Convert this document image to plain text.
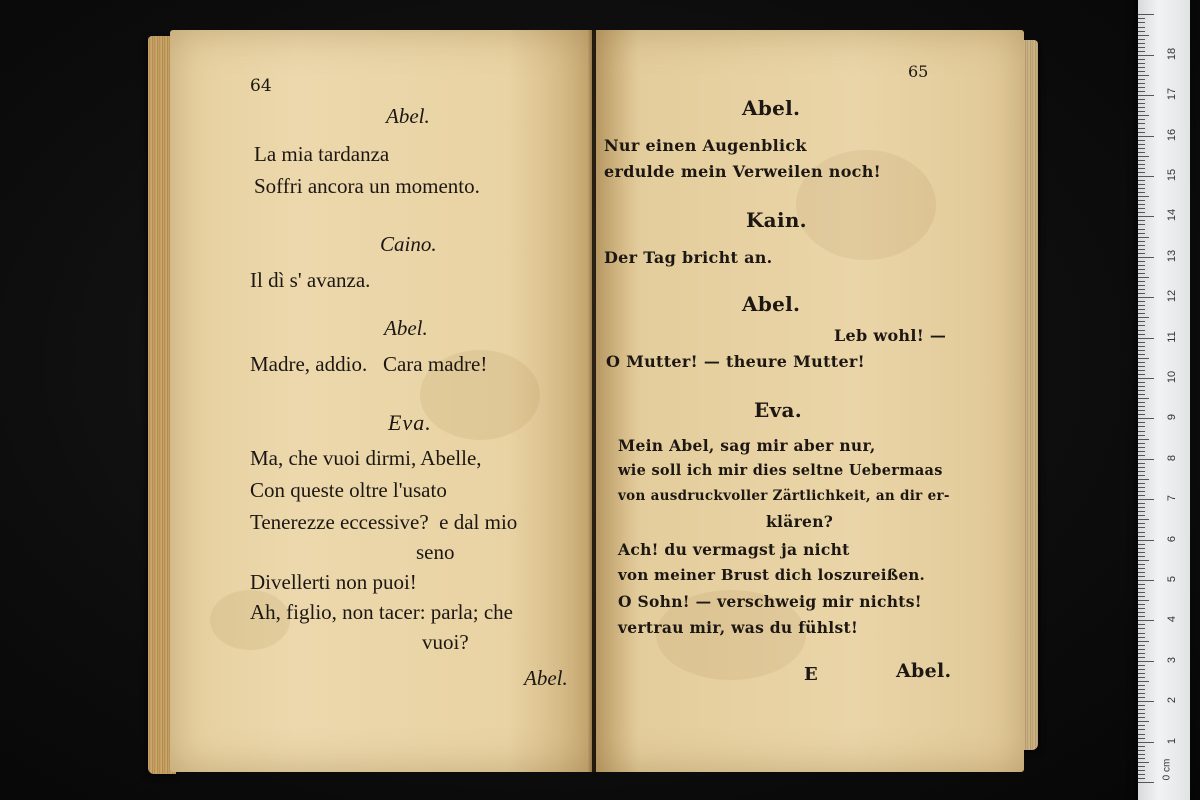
64
Abel.
La mia tardanza
Soffri ancora un momento.
Caino.
Il dì s' avanza.
Abel.
Madre, addio.   Cara madre!
Eva.
Ma, che vuoi dirmi, Abelle,
Con queste oltre l'usato
Tenerezze eccessive?  e dal mio
seno
Divellerti non puoi!
Ah, figlio, non tacer: parla; che
vuoi?
Abel.
65
Abel.
Nur einen Augenblick
erdulde mein Verweilen noch!
Kain.
Der Tag bricht an.
Abel.
Leb wohl! —
O Mutter! — theure Mutter!
Eva.
Mein Abel, sag mir aber nur,
wie soll ich mir dies seltne Uebermaas
von ausdruckvoller Zärtlichkeit, an dir er-
klären?
Ach! du vermagst ja nicht
von meiner Brust dich loszureißen.
O Sohn! — verschweig mir nichts!
vertrau mir, was du fühlst!
E	Abel.
0 cm
1
2
3
4
5
6
7
8
9
10
11
12
13
14
15
16
17
18
